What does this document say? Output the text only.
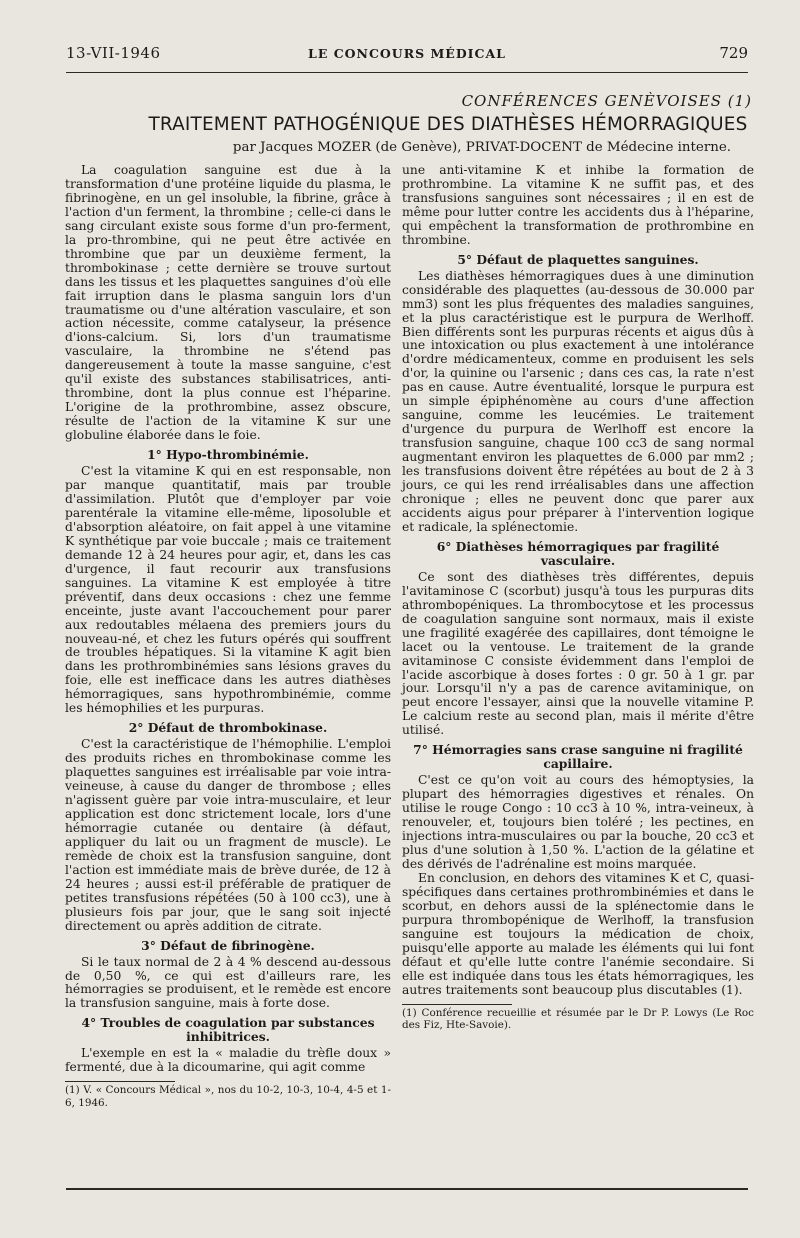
13-VII-1946	LE CONCOURS MÉDICAL	729
CONFÉRENCES GENÈVOISES (1)
TRAITEMENT PATHOGÉNIQUE DES DIATHÈSES HÉMORRAGIQUES
par Jacques MOZER (de Genève), PRIVAT-DOCENT de Médecine interne.

La coagulation sanguine est due à la transformation d'une protéine liquide du plasma, le fibrinogène, en un gel insoluble, la fibrine, grâce à l'action d'un ferment, la thrombine ; celle-ci dans le sang circulant existe sous forme d'un pro-ferment, la pro-thrombine, qui ne peut être activée en thrombine que par un deuxième ferment, la thrombokinase ; cette dernière se trouve surtout dans les tissus et les plaquettes sanguines d'où elle fait irruption dans le plasma sanguin lors d'un traumatisme ou d'une altération vasculaire, et son action nécessite, comme catalyseur, la présence d'ions-calcium. Si, lors d'un traumatisme vasculaire, la thrombine ne s'étend pas dangereusement à toute la masse sanguine, c'est qu'il existe des substances stabilisatrices, anti-thrombine, dont la plus connue est l'héparine. L'origine de la prothrombine, assez obscure, résulte de l'action de la vitamine K sur une globuline élaborée dans le foie.

1° Hypo-thrombinémie.

C'est la vitamine K qui en est responsable, non par manque quantitatif, mais par trouble d'assimilation. Plutôt que d'employer par voie parentérale la vitamine elle-même, liposoluble et d'absorption aléatoire, on fait appel à une vitamine K synthétique par voie buccale ; mais ce traitement demande 12 à 24 heures pour agir, et, dans les cas d'urgence, il faut recourir aux transfusions sanguines. La vitamine K est employée à titre préventif, dans deux occasions : chez une femme enceinte, juste avant l'accouchement pour parer aux redoutables mélaena des premiers jours du nouveau-né, et chez les futurs opérés qui souffrent de troubles hépatiques. Si la vitamine K agit bien dans les prothrombinémies sans lésions graves du foie, elle est inefficace dans les autres diathèses hémorragiques, sans hypothrombinémie, comme les hémophilies et les purpuras.

2° Défaut de thrombokinase.

C'est la caractéristique de l'hémophilie. L'emploi des produits riches en thrombokinase comme les plaquettes sanguines est irréalisable par voie intra-veineuse, à cause du danger de thrombose ; elles n'agissent guère par voie intra-musculaire, et leur application est donc strictement locale, lors d'une hémorragie cutanée ou dentaire (à défaut, appliquer du lait ou un fragment de muscle). Le remède de choix est la transfusion sanguine, dont l'action est immédiate mais de brève durée, de 12 à 24 heures ; aussi est-il préférable de pratiquer de petites transfusions répétées (50 à 100 cc3), une à plusieurs fois par jour, que le sang soit injecté directement ou après addition de citrate.

3° Défaut de fibrinogène.

Si le taux normal de 2 à 4 % descend au-dessous de 0,50 %, ce qui est d'ailleurs rare, les hémorragies se produisent, et le remède est encore la transfusion sanguine, mais à forte dose.

4° Troubles de coagulation par substances inhibitrices.

L'exemple en est la « maladie du trèfle doux » fermenté, due à la dicoumarine, qui agit comme

(1) V. « Concours Médical », nos du 10-2, 10-3, 10-4, 4-5 et 1-6, 1946.

une anti-vitamine K et inhibe la formation de prothrombine. La vitamine K ne suffit pas, et des transfusions sanguines sont nécessaires ; il en est de même pour lutter contre les accidents dus à l'héparine, qui empêchent la transformation de prothrombine en thrombine.

5° Défaut de plaquettes sanguines.

Les diathèses hémorragiques dues à une diminution considérable des plaquettes (au-dessous de 30.000 par mm3) sont les plus fréquentes des maladies sanguines, et la plus caractéristique est le purpura de Werlhoff. Bien différents sont les purpuras récents et aigus dûs à une intoxication ou plus exactement à une intolérance d'ordre médicamenteux, comme en produisent les sels d'or, la quinine ou l'arsenic ; dans ces cas, la rate n'est pas en cause. Autre éventualité, lorsque le purpura est un simple épiphénomène au cours d'une affection sanguine, comme les leucémies. Le traitement d'urgence du purpura de Werlhoff est encore la transfusion sanguine, chaque 100 cc3 de sang normal augmentant environ les plaquettes de 6.000 par mm2 ; les transfusions doivent être répétées au bout de 2 à 3 jours, ce qui les rend irréalisables dans une affection chronique ; elles ne peuvent donc que parer aux accidents aigus pour préparer à l'intervention logique et radicale, la splénectomie.

6° Diathèses hémorragiques par fragilité vasculaire.

Ce sont des diathèses très différentes, depuis l'avitaminose C (scorbut) jusqu'à tous les purpuras dits athrombopéniques. La thrombocytose et les processus de coagulation sanguine sont normaux, mais il existe une fragilité exagérée des capillaires, dont témoigne le lacet ou la ventouse. Le traitement de la grande avitaminose C consiste évidemment dans l'emploi de l'acide ascorbique à doses fortes : 0 gr. 50 à 1 gr. par jour. Lorsqu'il n'y a pas de carence avitaminique, on peut encore l'essayer, ainsi que la nouvelle vitamine P. Le calcium reste au second plan, mais il mérite d'être utilisé.

7° Hémorragies sans crase sanguine ni fragilité capillaire.

C'est ce qu'on voit au cours des hémoptysies, la plupart des hémorragies digestives et rénales. On utilise le rouge Congo : 10 cc3 à 10 %, intra-veineux, à renouveler, et, toujours bien toléré ; les pectines, en injections intra-musculaires ou par la bouche, 20 cc3 et plus d'une solution à 1,50 %. L'action de la gélatine et des dérivés de l'adrénaline est moins marquée.

En conclusion, en dehors des vitamines K et C, quasi-spécifiques dans certaines prothrombinémies et dans le scorbut, en dehors aussi de la splénectomie dans le purpura thrombopénique de Werlhoff, la transfusion sanguine est toujours la médication de choix, puisqu'elle apporte au malade les éléments qui lui font défaut et qu'elle lutte contre l'anémie secondaire. Si elle est indiquée dans tous les états hémorragiques, les autres traitements sont beaucoup plus discutables (1).

(1) Conférence recueillie et résumée par le Dr P. Lowys (Le Roc des Fiz, Hte-Savoie).
